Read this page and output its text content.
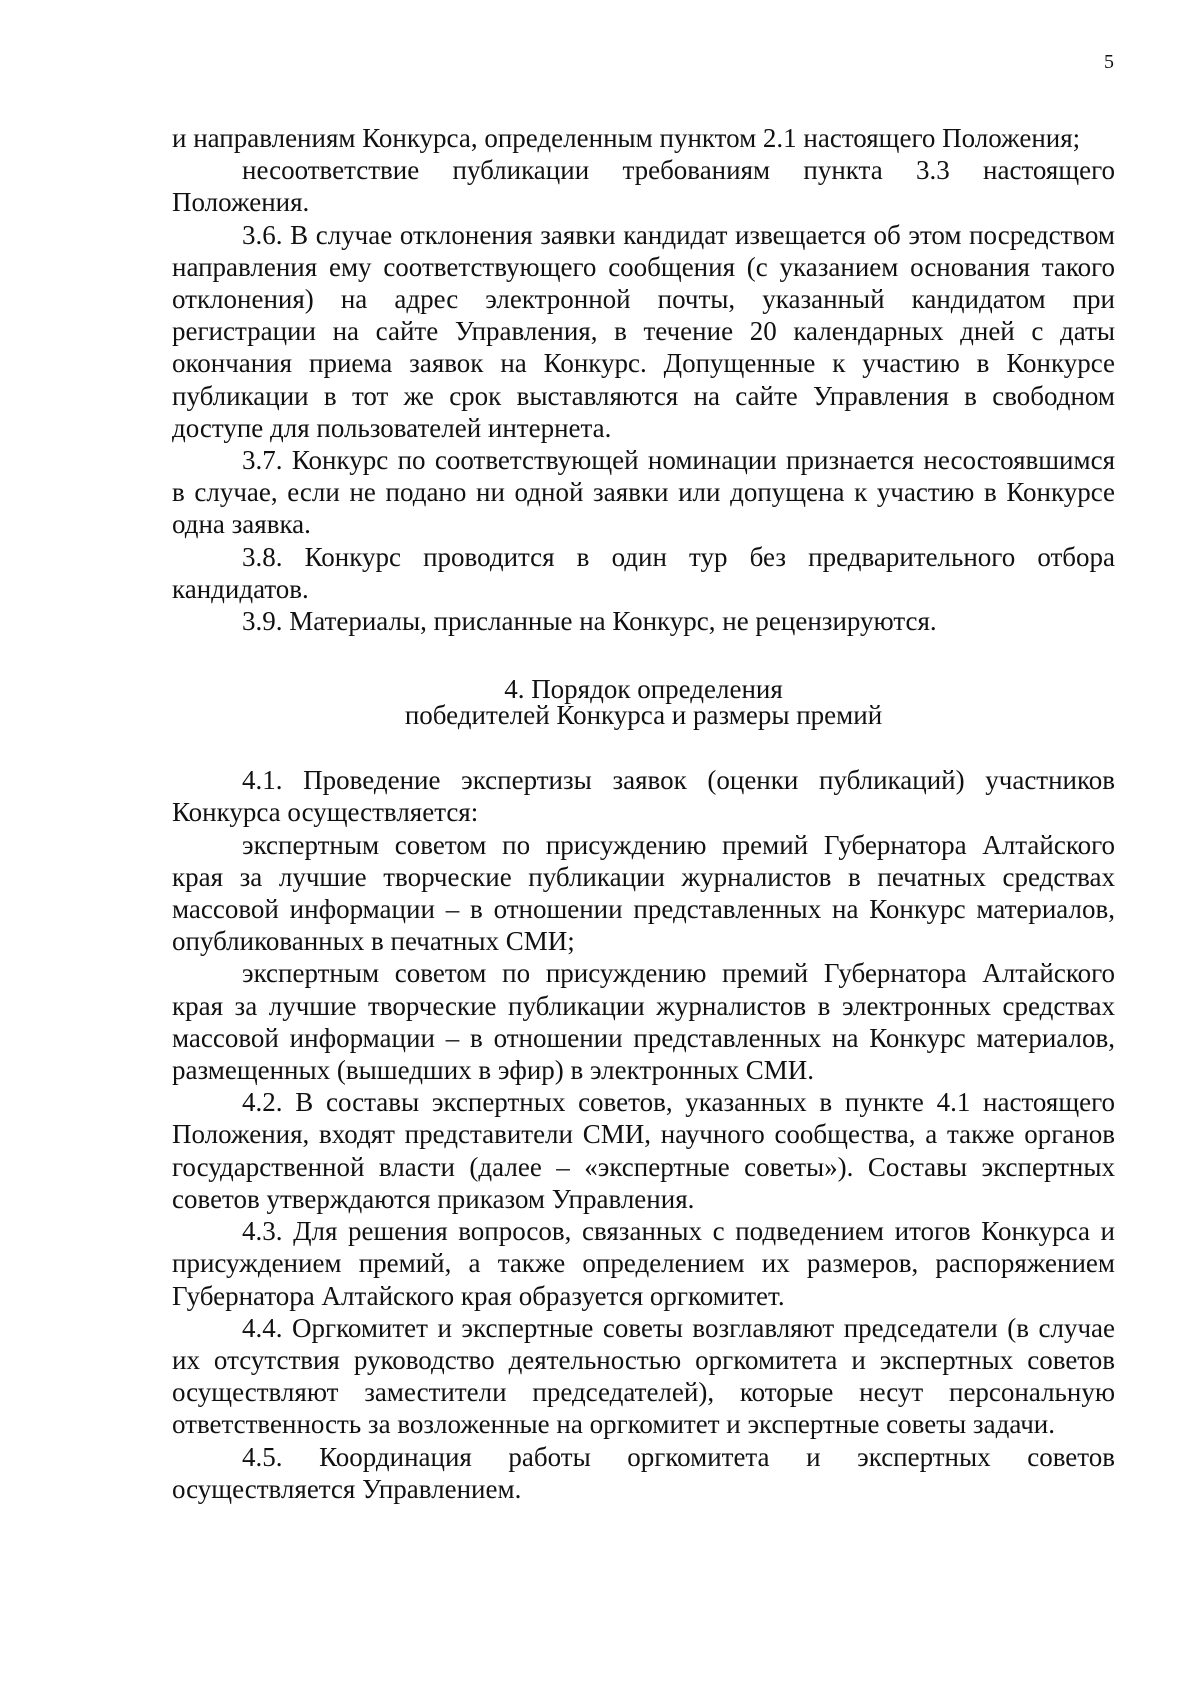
5

и направлениям Конкурса, определенным пунктом 2.1 настоящего Положения;

несоответствие публикации требованиям пункта 3.3 настоящего Положения.

3.6. В случае отклонения заявки кандидат извещается об этом посредством направления ему соответствующего сообщения (с указанием основания такого отклонения) на адрес электронной почты, указанный кандидатом при регистрации на сайте Управления, в течение 20 календарных дней с даты окончания приема заявок на Конкурс. Допущенные к участию в Конкурсе публикации в тот же срок выставляются на сайте Управления в свободном доступе для пользователей интернета.

3.7. Конкурс по соответствующей номинации признается несостоявшимся в случае, если не подано ни одной заявки или допущена к участию в Конкурсе одна заявка.

3.8. Конкурс проводится в один тур без предварительного отбора кандидатов.

3.9. Материалы, присланные на Конкурс, не рецензируются.

4. Порядок определения
победителей Конкурса и размеры премий

4.1. Проведение экспертизы заявок (оценки публикаций) участников Конкурса осуществляется:

экспертным советом по присуждению премий Губернатора Алтайского края за лучшие творческие публикации журналистов в печатных средствах массовой информации – в отношении представленных на Конкурс материалов, опубликованных в печатных СМИ;

экспертным советом по присуждению премий Губернатора Алтайского края за лучшие творческие публикации журналистов в электронных средствах массовой информации – в отношении представленных на Конкурс материалов, размещенных (вышедших в эфир) в электронных СМИ.

4.2. В составы экспертных советов, указанных в пункте 4.1 настоящего Положения, входят представители СМИ, научного сообщества, а также органов государственной власти (далее – «экспертные советы»). Составы экспертных советов утверждаются приказом Управления.

4.3. Для решения вопросов, связанных с подведением итогов Конкурса и присуждением премий, а также определением их размеров, распоряжением Губернатора Алтайского края образуется оргкомитет.

4.4. Оргкомитет и экспертные советы возглавляют председатели (в случае их отсутствия руководство деятельностью оргкомитета и экспертных советов осуществляют заместители председателей), которые несут персональную ответственность за возложенные на оргкомитет и экспертные советы задачи.

4.5. Координация работы оргкомитета и экспертных советов осуществляется Управлением.
